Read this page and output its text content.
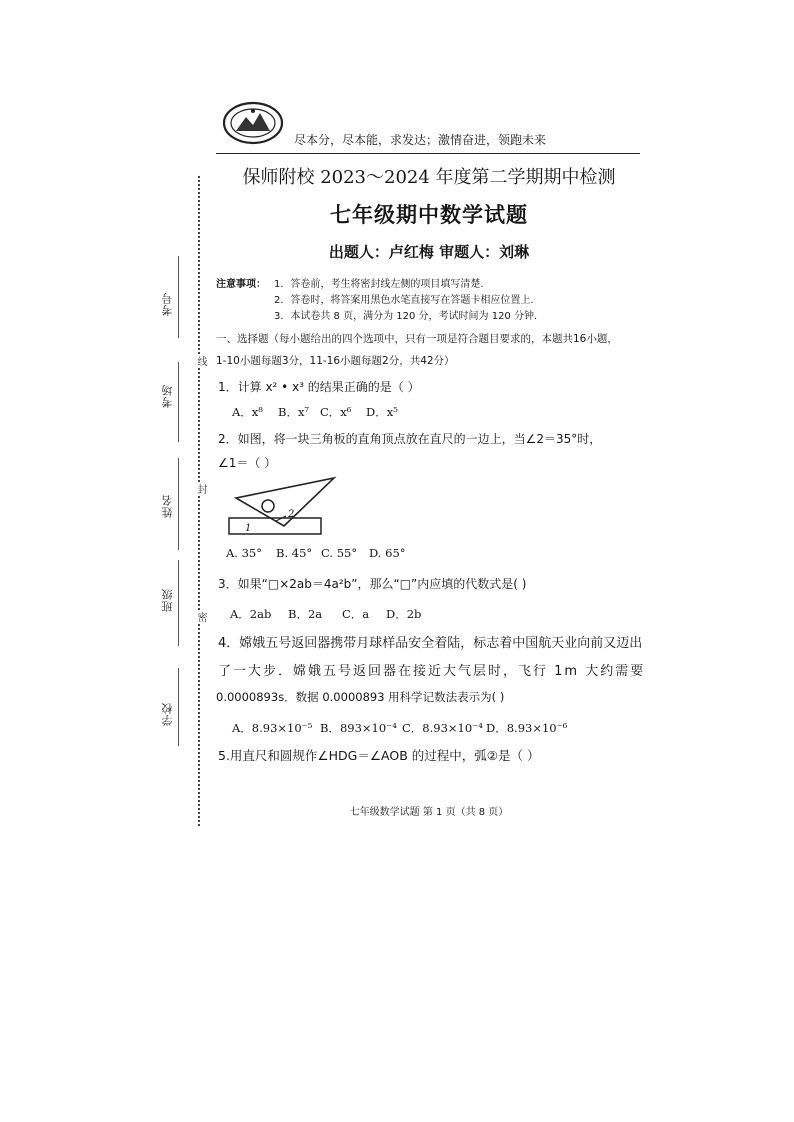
尽本分，尽本能，求发达；激情奋进，领跑未来
保师附校 2023～2024 年度第二学期期中检测
七年级期中数学试题
出题人：卢红梅 审题人：刘琳
考号
考场
姓名
班级
学校
线
封
密
注意事项： 1．答卷前，考生将密封线左侧的项目填写清楚.
2．答卷时，将答案用黑色水笔直接写在答题卡相应位置上.
3．本试卷共 8 页，满分为 120 分，考试时间为 120 分钟.
一、选择题（每小题给出的四个选项中，只有一项是符合题目要求的，本题共16小题，
1-10小题每题3分，11-16小题每题2分，共42分）
1．计算 x² • x³ 的结果正确的是（ ）
A．x⁸ B．x⁷ C．x⁶ D．x⁵
2．如图，将一块三角板的直角顶点放在直尺的一边上，当∠2＝35°时，
∠1＝（ ）
1
2
A. 35° B. 45° C. 55° D. 65°
3．如果“□×2ab＝4a²b”，那么“□”内应填的代数式是( )
A．2ab B．2a C．a D．2b
4．嫦娥五号返回器携带月球样品安全着陆，标志着中国航天业向前又迈出
了一大步．嫦娥五号返回器在接近大气层时，飞行 1m 大约需要
0.0000893s．数据 0.0000893 用科学记数法表示为( )
A．8.93×10⁻⁵ B．893×10⁻⁴ C．8.93×10⁻⁴ D．8.93×10⁻⁶
5.用直尺和圆规作∠HDG＝∠AOB 的过程中，弧②是（ ）
七年级数学试题 第 1 页（共 8 页）
